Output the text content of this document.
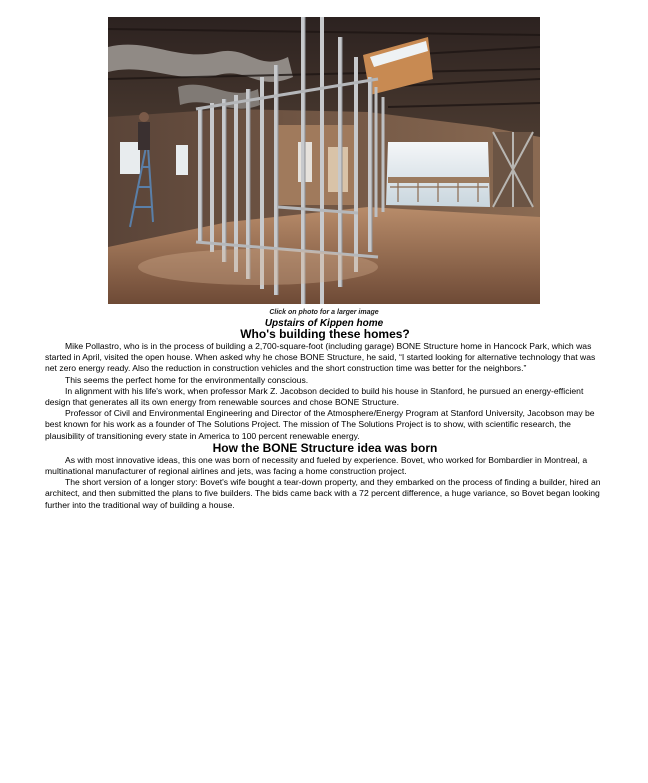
Click on photo for a larger image
Upstairs of Kippen home
Who's building these homes?

Mike Pollastro, who is in the process of building a 2,700-square-foot (including garage) BONE Structure home in Hancock Park, which was started in April, visited the open house. When asked why he chose BONE Structure, he said, “I started looking for alternative technology that was net zero energy ready. Also the reduction in construction vehicles and the short construction time was better for the neighbors.”

This seems the perfect home for the environmentally conscious.

In alignment with his life's work, when professor Mark Z. Jacobson decided to build his house in Stanford, he pursued an energy-efficient design that generates all its own energy from renewable sources and chose BONE Structure.

Professor of Civil and Environmental Engineering and Director of the Atmosphere/Energy Program at Stanford University, Jacobson may be best known for his work as a founder of The Solutions Project. The mission of The Solutions Project is to show, with scientific research, the plausibility of transitioning every state in America to 100 percent renewable energy.

How the BONE Structure idea was born

As with most innovative ideas, this one was born of necessity and fueled by experience. Bovet, who worked for Bombardier in Montreal, a multinational manufacturer of regional airlines and jets, was facing a home construction project.

The short version of a longer story: Bovet's wife bought a tear-down property, and they embarked on the process of finding a builder, hired an architect, and then submitted the plans to five builders. The bids came back with a 72 percent difference, a huge variance, so Bovet began looking further into the traditional way of building a house.
